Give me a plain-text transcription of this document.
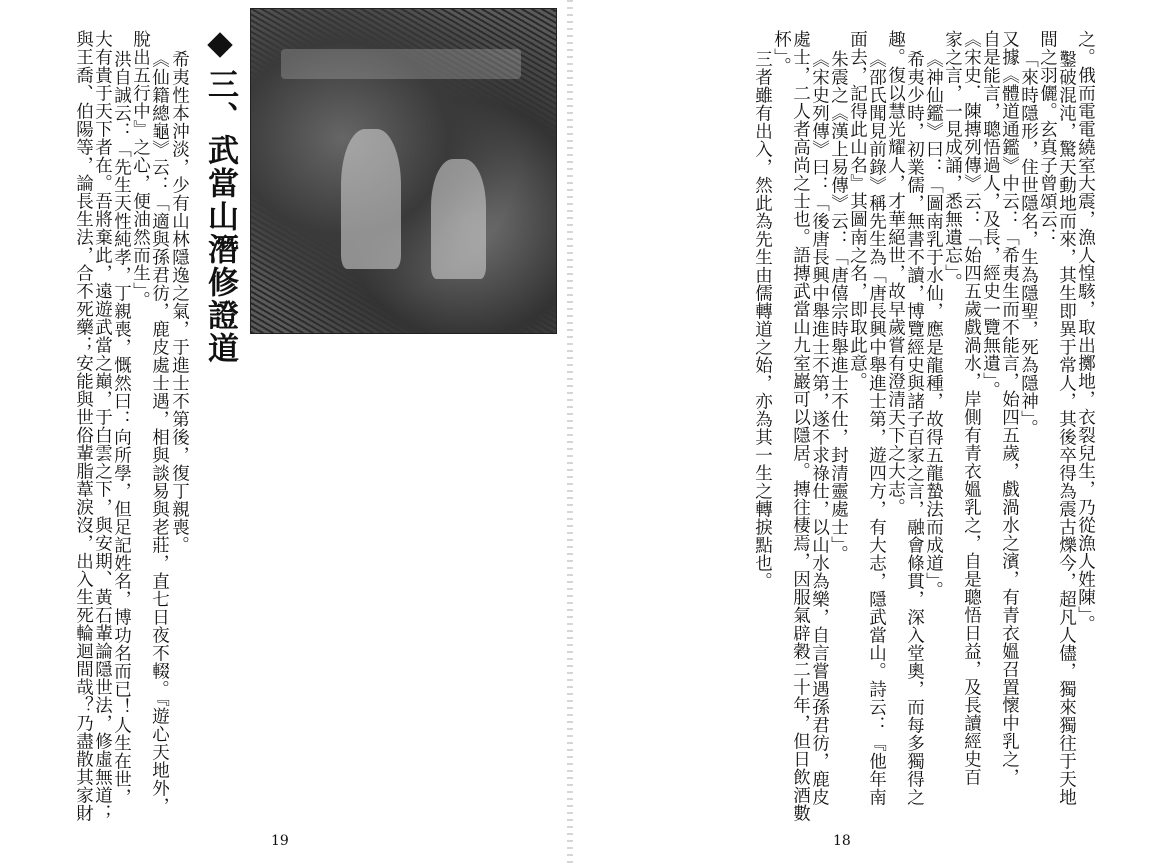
三、武當山潛修證道
希夷性本沖淡，少有山林隱逸之氣，于進士不第後，復丁親喪。
《仙籍總龜》云：「適與孫君彷，鹿皮處士遇，相與談易與老莊，直七日夜不輟。『遊心天地外，
脫出五行中』之心，便油然而生」。
洪自誠云：「先生天性純孝，丁親喪，慨然曰：向所學，但足記姓名，博功名而已！人生在世，
大有貴于天下者在。吾將棄此，遠遊武當之巔，于白雲之下，與安期、黃石輩論隱世法，修虛無道；
與王喬、伯陽等，論長生法，合不死藥；安能與世俗輩脂葦淚沒，出入生死輪迴間哉？乃盡散其家財
19
之。俄而電電繞室大震，漁人惶駭，取出擲地，衣裂兒生，乃從漁人姓陳」。
鑿破混沌，驚天動地而來，其生即異于常人，其後卒得為震古爍今，超凡人儘，獨來獨往于天地
間之羽儷。玄真子曾頌云：
「來時隱形，住世隱名，生為隱聖，死為隱神」。
又據《體道通鑑》中云：「希夷生而不能言，始四五歲，戲渦水之濱，有青衣媼召置懷中乳之，
自是能言，聰悟過人，及長，經史一覽無遺」。
《宋史．陳摶列傳》云：「始四五歲戲渦水，岸側有青衣媼乳之，自是聰悟日益，及長讀經史百
家之言，一見成誦，悉無遺忘」。
《神仙鑑》曰：「圖南乳于水仙，應是龍種，故得五龍蟄法而成道」。
希夷少時，初業儒，無書不讀，博覽經史與諸子百家之言，融會條貫，深入堂奧，而每多獨得之
趣。復以慧光耀人，才華絕世，故早歲嘗有澄清天下之大志。
《邵氏聞見前錄》稱先生為「唐長興中舉進士第，遊四方，有大志，隱武當山。詩云：『他年南
面去，記得此山名』其圖南之名，即取此意。
朱震之《漢上易傳》云：「唐僖宗時舉進士不仕，封清靈處士」。
《宋史列傳》曰：「後唐長興中舉進士不第，遂不求祿仕，以山水為樂，自言嘗遇孫君彷，鹿皮
處士，二人者高尚之士也。語摶武當山九室巖可以隱居。摶往棲焉，因服氣辟穀二十年，但日飲酒數
杯」。
三者雖有出入，然此為先生由儒轉道之始，亦為其一生之轉捩點也。
18
